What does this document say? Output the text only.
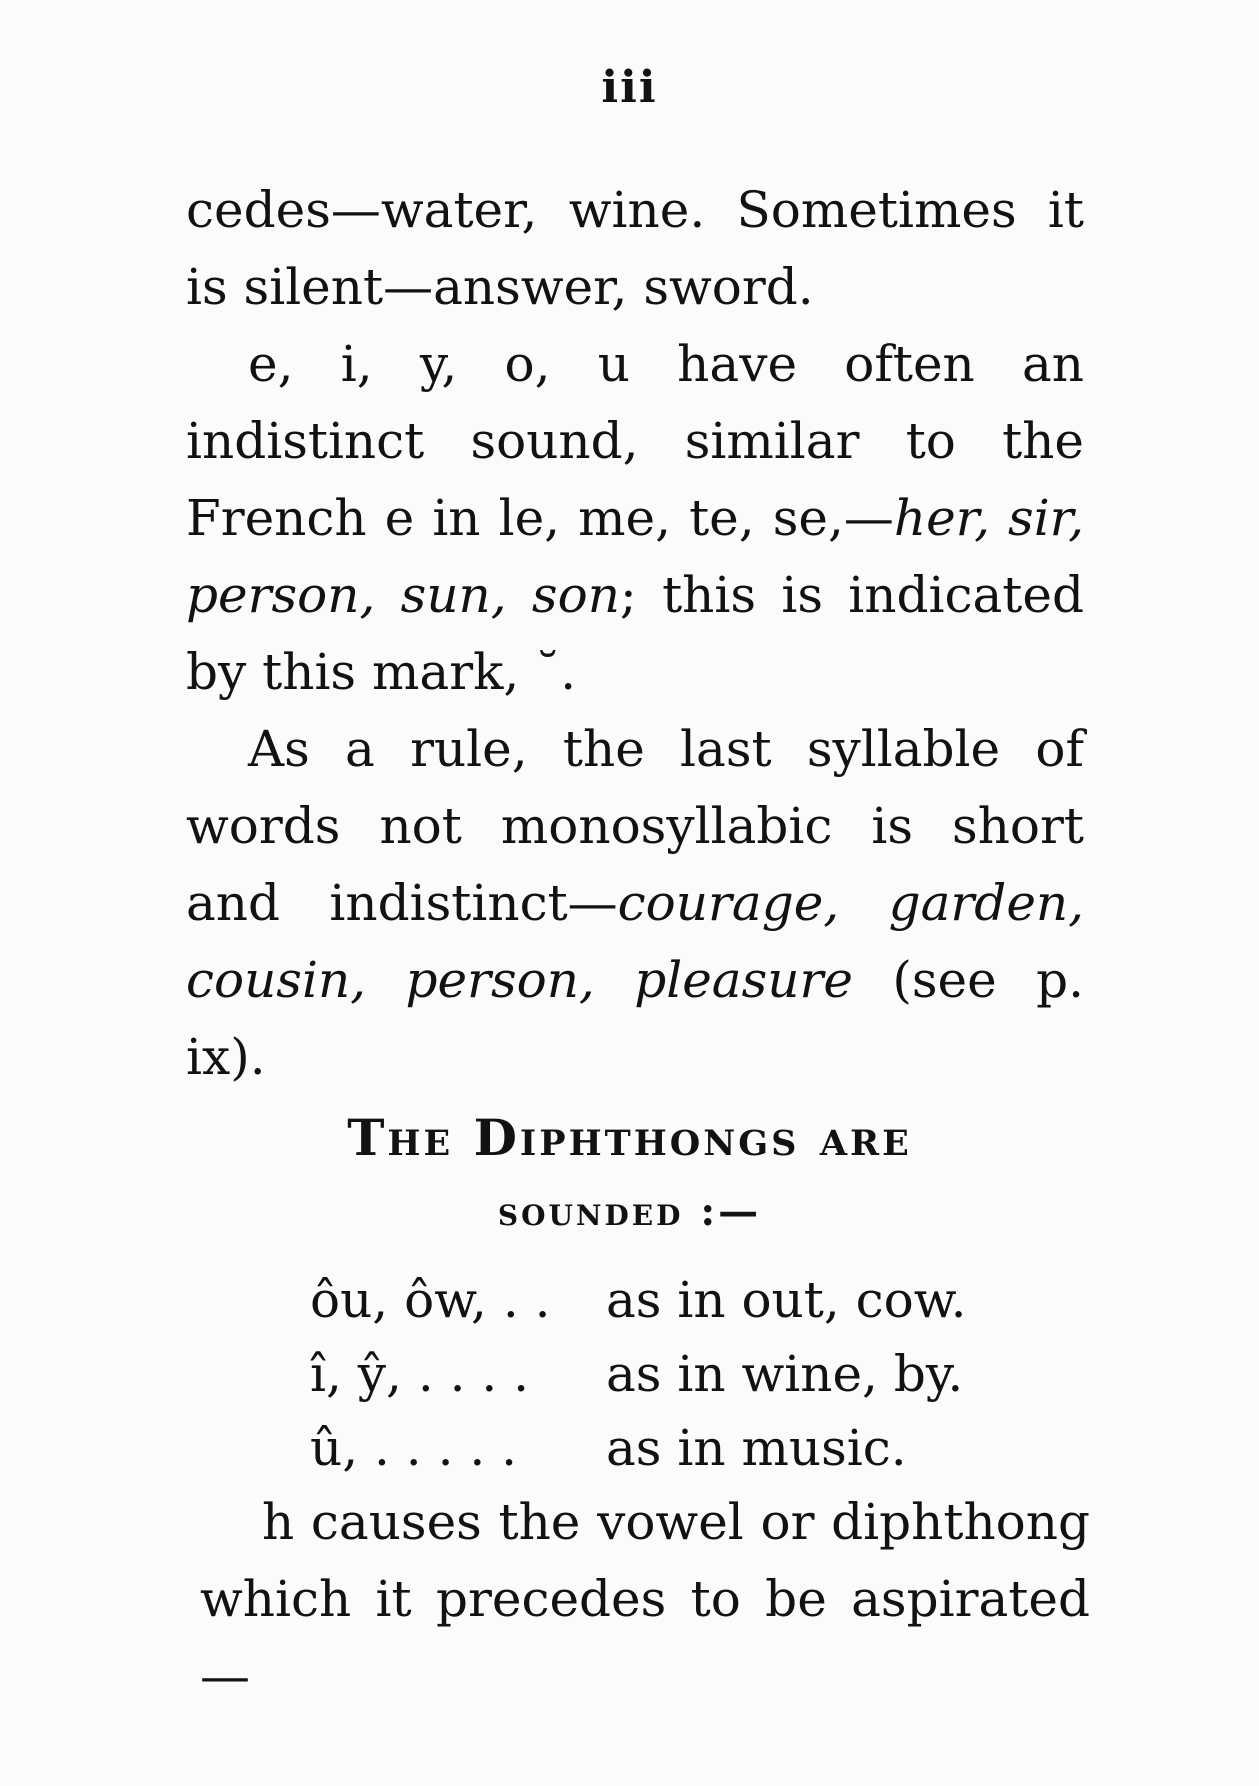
iii

cedes—water, wine. Sometimes it is silent—answer, sword.

e, i, y, o, u have often an indistinct sound, similar to the French e in le, me, te, se,—her, sir, person, sun, son; this is indicated by this mark, ˘.

As a rule, the last syllable of words not monosyllabic is short and indistinct—courage, garden, cousin, person, pleasure (see p. ix).

The Diphthongs are
sounded :—
ôu, ôw, . . as in out, cow.
î, ŷ, . . . . as in wine, by.
û, . . . . . as in music.

h causes the vowel or diphthong which it precedes to be aspirated—
